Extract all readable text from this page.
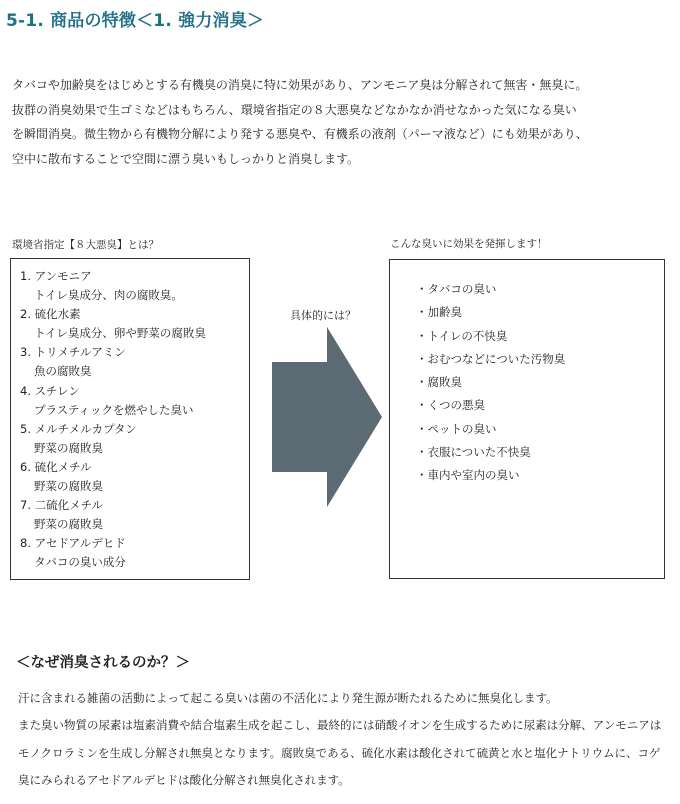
5-1. 商品の特徴＜1. 強力消臭＞

タバコや加齢臭をはじめとする有機臭の消臭に特に効果があり、アンモニア臭は分解されて無害・無臭に。
抜群の消臭効果で生ゴミなどはもちろん、環境省指定の８大悪臭などなかなか消せなかった気になる臭い
を瞬間消臭。微生物から有機物分解により発する悪臭や、有機系の液剤（パーマ液など）にも効果があり、
空中に散布することで空間に漂う臭いもしっかりと消臭します。

環境省指定【８大悪臭】とは？	こんな臭いに効果を発揮します！
1. アンモニア
トイレ臭成分、肉の腐敗臭。
2. 硫化水素
トイレ臭成分、卵や野菜の腐敗臭
3. トリメチルアミン
魚の腐敗臭
4. スチレン
プラスティックを燃やした臭い
5. メルチメルカプタン
野菜の腐敗臭
6. 硫化メチル
野菜の腐敗臭
7. 二硫化メチル
野菜の腐敗臭
8. アセドアルデヒド
タバコの臭い成分
具体的には？
・タバコの臭い
・加齢臭
・トイレの不快臭
・おむつなどについた汚物臭
・腐敗臭
・くつの悪臭
・ペットの臭い
・衣服についた不快臭
・車内や室内の臭い
＜なぜ消臭されるのか？＞

汗に含まれる雑菌の活動によって起こる臭いは菌の不活化により発生源が断たれるために無臭化します。
また臭い物質の尿素は塩素消費や結合塩素生成を起こし、最終的には硝酸イオンを生成するために尿素は分解、アンモニアは
モノクロラミンを生成し分解され無臭となります。腐敗臭である、硫化水素は酸化されて硫黄と水と塩化ナトリウムに、コゲ
臭にみられるアセドアルデヒドは酸化分解され無臭化されます。
